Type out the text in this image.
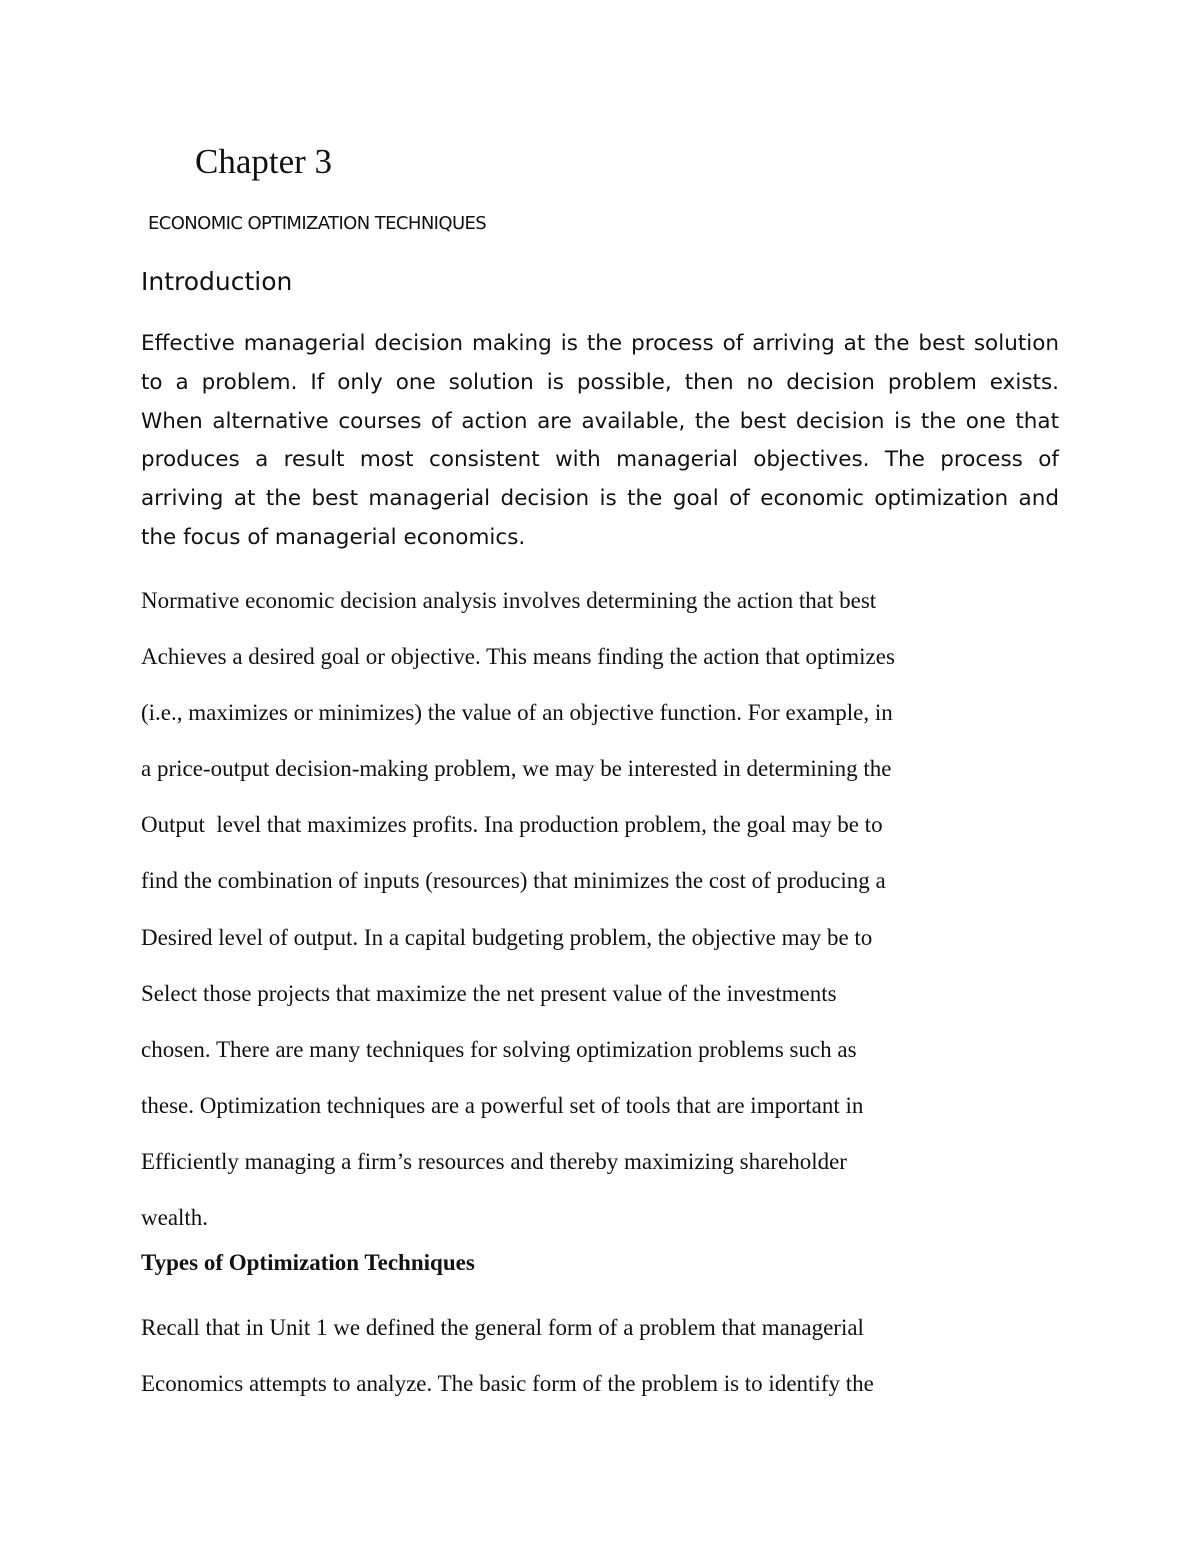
Chapter 3
ECONOMIC OPTIMIZATION TECHNIQUES
Introduction
Effective managerial decision making is the process of arriving at the best solution
to a problem. If only one solution is possible, then no decision problem exists.
When alternative courses of action are available, the best decision is the one that
produces a result most consistent with managerial objectives. The process of
arriving at the best managerial decision is the goal of economic optimization and
the focus of managerial economics.
Normative economic decision analysis involves determining the action that best
Achieves a desired goal or objective. This means finding the action that optimizes
(i.e., maximizes or minimizes) the value of an objective function. For example, in
a price-output decision-making problem, we may be interested in determining the
Output  level that maximizes profits. Ina production problem, the goal may be to
find the combination of inputs (resources) that minimizes the cost of producing a
Desired level of output. In a capital budgeting problem, the objective may be to
Select those projects that maximize the net present value of the investments
chosen. There are many techniques for solving optimization problems such as
these. Optimization techniques are a powerful set of tools that are important in
Efficiently managing a firm’s resources and thereby maximizing shareholder
wealth.
Types of Optimization Techniques
Recall that in Unit 1 we defined the general form of a problem that managerial
Economics attempts to analyze. The basic form of the problem is to identify the
